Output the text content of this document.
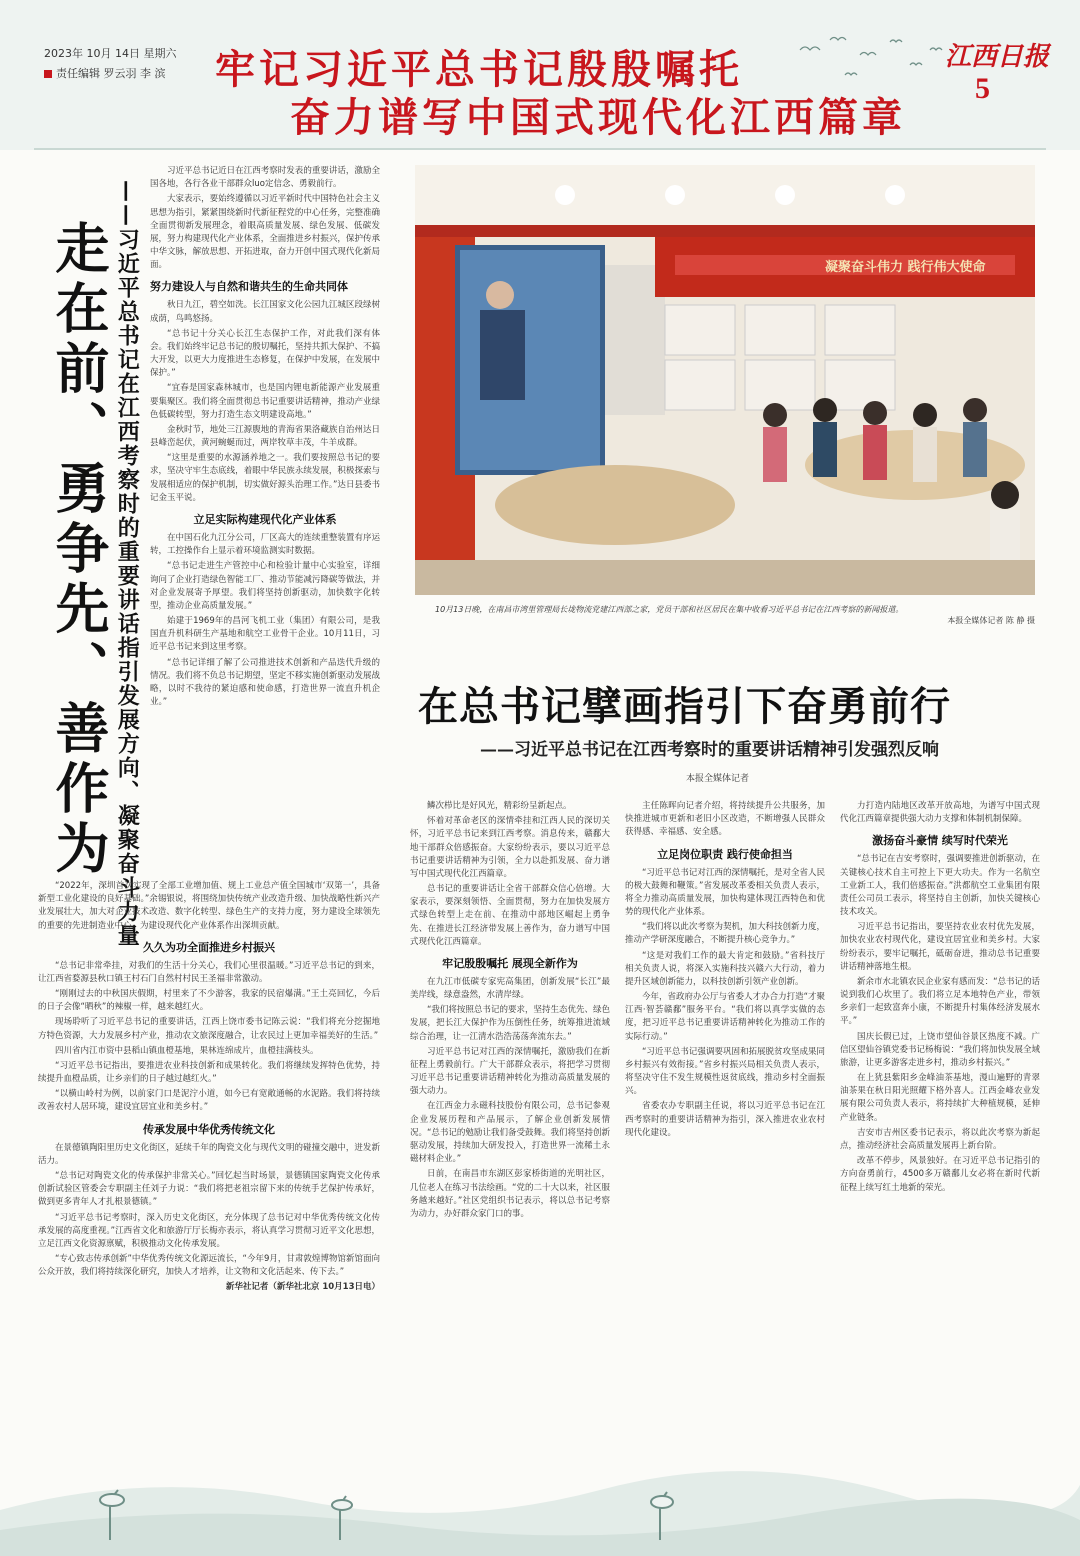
2023年 10月 14日 星期六
责任编辑 罗云羽 李 滨 牢记习近平总书记殷殷嘱托
奋力谱写中国式现代化江西篇章
江西日报
5
走在前、勇争先、善作为 ——习近平总书记在江西考察时的重要讲话指引发展方向、凝聚奋斗力量

习近平总书记近日在江西考察时发表的重要讲话，激励全国各地，各行各业干部群众luo定信念、勇毅前行。

大家表示，要始终遵循以习近平新时代中国特色社会主义思想为指引，紧紧围绕新时代新征程党的中心任务，完整准确全面贯彻新发展理念，着眼高质量发展、绿色发展、低碳发展，努力构建现代化产业体系，全面推进乡村振兴，保护传承中华文脉，解放思想、开拓进取，奋力开创中国式现代化新局面。

努力建设人与自然和谐共生的生命共同体

秋日九江，碧空如洗。长江国家文化公园九江城区段绿树成荫，鸟鸣悠扬。

“总书记十分关心长江生态保护工作，对此我们深有体会。我们始终牢记总书记的殷切嘱托，坚持共抓大保护、不搞大开发，以更大力度推进生态修复，在保护中发展，在发展中保护。”

“宜春是国家森林城市，也是国内锂电新能源产业发展重要集聚区。我们将全面贯彻总书记重要讲话精神，推动产业绿色低碳转型，努力打造生态文明建设高地。”

金秋时节，地处三江源腹地的青海省果洛藏族自治州达日县峰峦起伏，黄河蜿蜒而过，两岸牧草丰茂，牛羊成群。

“这里是重要的水源涵养地之一。我们要按照总书记的要求，坚决守牢生态底线，着眼中华民族永续发展，积极探索与发展相适应的保护机制，切实做好源头治理工作。”达日县委书记金玉平说。

立足实际构建现代化产业体系

在中国石化九江分公司，厂区高大的连续重整装置有序运转，工控操作台上显示着环境监测实时数据。

“总书记走进生产管控中心和检验计量中心实验室，详细询问了企业打造绿色智能工厂、推动节能减污降碳等做法，并对企业发展寄予厚望。我们将坚持创新驱动，加快数字化转型，推动企业高质量发展。”

始建于1969年的昌河飞机工业（集团）有限公司，是我国直升机科研生产基地和航空工业骨干企业。10月11日，习近平总书记来到这里考察。

“总书记详细了解了公司推进技术创新和产品迭代升级的情况。我们将不负总书记期望，坚定不移实施创新驱动发展战略，以时不我待的紧迫感和使命感，打造世界一流直升机企业。”

“2022年，深圳首次实现了全部工业增加值、规上工业总产值全国城市‘双第一’，具备新型工业化建设的良好基础。”余锡银说，将围绕加快传统产业改造升级、加快战略性新兴产业发展壮大，加大对企业技术改造、数字化转型、绿色生产的支持力度，努力建设全球领先的重要的先进制造业中心，为建设现代化产业体系作出深圳贡献。

久久为功全面推进乡村振兴

“总书记非常牵挂，对我们的生活十分关心，我们心里很温暖。”习近平总书记的到来，让江西省婺源县秋口镇王村石门自然村村民王圣福非常激动。

“刚刚过去的中秋国庆假期，村里来了不少游客，我家的民宿爆满。”王土亮回忆，今后的日子会像“晒秋”的辣椒一样，越来越红火。

现场聆听了习近平总书记的重要讲话，江西上饶市委书记陈云说：“我们将充分挖掘地方特色资源，大力发展乡村产业，推动农文旅深度融合，让农民过上更加幸福美好的生活。”

四川省内江市资中县稻山镇血橙基地，果林连绵成片，血橙挂满枝头。

“习近平总书记指出，要推进农业科技创新和成果转化。我们将继续发挥特色优势，持续提升血橙品质，让乡亲们的日子越过越红火。”

“以横山岭村为例，以前家门口是泥泞小道，如今已有宽敞通畅的水泥路。我们将持续改善农村人居环境，建设宜居宜业和美乡村。”

传承发展中华优秀传统文化

在景德镇陶阳里历史文化街区，延续千年的陶瓷文化与现代文明的碰撞交融中，迸发新活力。

“总书记对陶瓷文化的传承保护非常关心。”回忆起当时场景，景德镇国家陶瓷文化传承创新试验区管委会专职副主任刘子力说：“我们将把老祖宗留下来的传统手艺保护传承好，做到更多青年人才扎根景德镇。”

“习近平总书记考察时，深入历史文化街区，充分体现了总书记对中华优秀传统文化传承发展的高度重视。”江西省文化和旅游厅厅长梅亦表示，将认真学习贯彻习近平文化思想，立足江西文化资源禀赋，积极推动文化传承发展。

“专心致志传承创新”中华优秀传统文化源远流长，“今年9月，甘肃敦煌博物馆新馆面向公众开放，我们将持续深化研究，加快人才培养，让文物和文化活起来、传下去。”

新华社记者（新华社北京 10月13日电）

凝聚奋斗伟力 践行伟大使命
10月13日晚，在南昌市湾里管理局长垅物流党建江西部之家，党员干部和社区居民在集中收看习近平总书记在江西考察的新闻报道。
本报全媒体记者 陈 静 摄
在总书记擘画指引下奋勇前行
——习近平总书记在江西考察时的重要讲话精神引发强烈反响
本报全媒体记者

鳞次栉比是好风光，精彩纷呈新起点。

怀着对革命老区的深情牵挂和江西人民的深切关怀，习近平总书记来到江西考察。消息传来，赣鄱大地干部群众倍感振奋。大家纷纷表示，要以习近平总书记重要讲话精神为引领，全力以赴抓发展、奋力谱写中国式现代化江西篇章。

总书记的重要讲话让全省干部群众信心倍增。大家表示，要深刻领悟、全面贯彻，努力在加快发展方式绿色转型上走在前、在推动中部地区崛起上勇争先、在推进长江经济带发展上善作为，奋力谱写中国式现代化江西篇章。

牢记殷殷嘱托 展现全新作为

在九江市低碳专家宪高集团，创新发展“长江”最美岸线，绿意盎然，水清岸绿。

“我们将按照总书记的要求，坚持生态优先、绿色发展，把长江大保护作为压倒性任务，统筹推进流域综合治理，让一江清水浩浩荡荡奔流东去。”

习近平总书记对江西的深情嘱托，激励我们在新征程上勇毅前行。广大干部群众表示，将把学习贯彻习近平总书记重要讲话精神转化为推动高质量发展的强大动力。

在江西金力永磁科技股份有限公司，总书记参观企业发展历程和产品展示，了解企业创新发展情况。“总书记的勉励让我们备受鼓舞。我们将坚持创新驱动发展，持续加大研发投入，打造世界一流稀土永磁材料企业。”

日前，在南昌市东湖区彭家桥街道的光明社区，几位老人在练习书法绘画。“党的二十大以来，社区服务越来越好。”社区党组织书记表示，将以总书记考察为动力，办好群众家门口的事。

主任陈晖向记者介绍，将持续提升公共服务，加快推进城市更新和老旧小区改造，不断增强人民群众获得感、幸福感、安全感。

立足岗位职责 践行使命担当

“习近平总书记对江西的深情嘱托，是对全省人民的极大鼓舞和鞭策。”省发展改革委相关负责人表示，将全力推动高质量发展，加快构建体现江西特色和优势的现代化产业体系。

“我们将以此次考察为契机，加大科技创新力度，推动产学研深度融合，不断提升核心竞争力。”

“这是对我们工作的最大肯定和鼓励。”省科技厅相关负责人说，将深入实施科技兴赣六大行动，着力提升区域创新能力，以科技创新引领产业创新。

今年，省政府办公厅与省委人才办合力打造“才聚江西·智荟赣鄱”服务平台。“我们将以真学实做的态度，把习近平总书记重要讲话精神转化为推动工作的实际行动。”

“习近平总书记强调要巩固和拓展脱贫攻坚成果同乡村振兴有效衔接。”省乡村振兴局相关负责人表示，将坚决守住不发生规模性返贫底线，推动乡村全面振兴。

省委农办专职副主任说，将以习近平总书记在江西考察时的重要讲话精神为指引，深入推进农业农村现代化建设。

力打造内陆地区改革开放高地，为谱写中国式现代化江西篇章提供强大动力支撑和体制机制保障。

激扬奋斗豪情 续写时代荣光

“总书记在吉安考察时，强调要推进创新驱动，在关键核心技术自主可控上下更大功夫。作为一名航空工业新工人，我们倍感振奋。”洪都航空工业集团有限责任公司员工表示，将坚持自主创新，加快关键核心技术攻关。

习近平总书记指出，要坚持农业农村优先发展，加快农业农村现代化，建设宜居宜业和美乡村。大家纷纷表示，要牢记嘱托，砥砺奋进，推动总书记重要讲话精神落地生根。

新余市水北镇农民企业家有感而发：“总书记的话说到我们心坎里了。我们将立足本地特色产业，带领乡亲们一起致富奔小康，不断提升村集体经济发展水平。”

国庆长假已过，上饶市望仙谷景区热度不减。广信区望仙谷镇党委书记杨梅说：“我们将加快发展全域旅游，让更多游客走进乡村，推动乡村振兴。”

在上犹县紫阳乡金峰油茶基地，漫山遍野的青翠油茶果在秋日阳光照耀下格外喜人。江西金峰农业发展有限公司负责人表示，将持续扩大种植规模，延伸产业链条。

吉安市吉州区委书记表示，将以此次考察为新起点，推动经济社会高质量发展再上新台阶。

改革不停步，风景独好。在习近平总书记指引的方向奋勇前行，4500多万赣鄱儿女必将在新时代新征程上续写红土地新的荣光。
